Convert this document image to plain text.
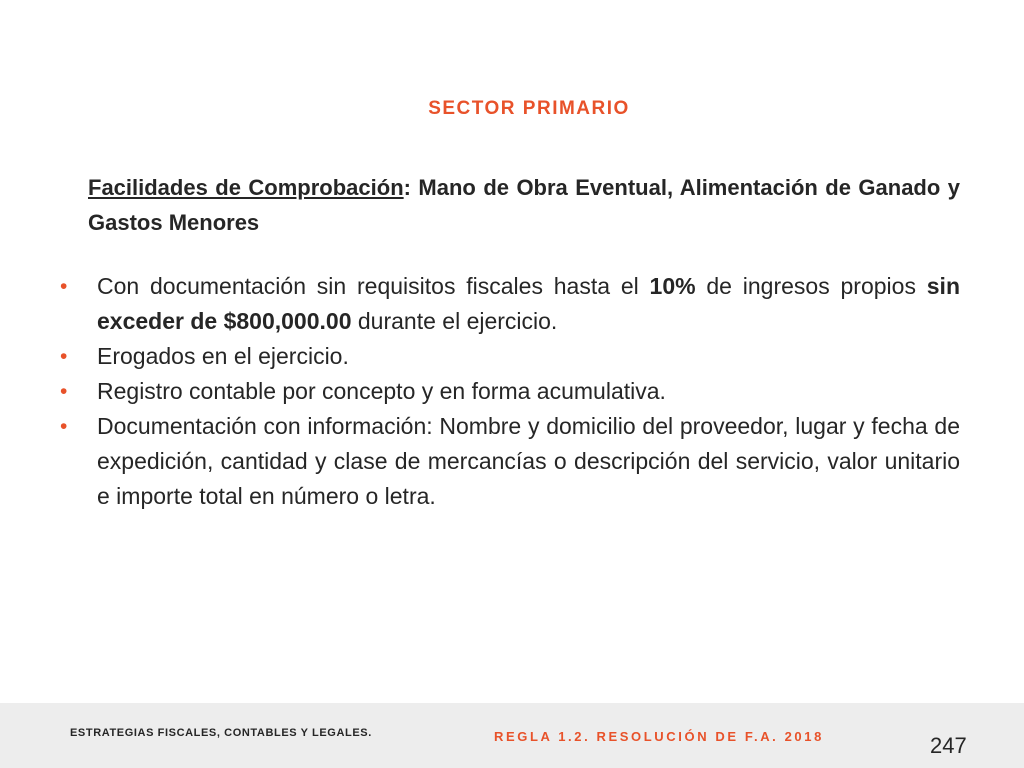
SECTOR PRIMARIO
Facilidades de Comprobación: Mano de Obra Eventual, Alimentación de Ganado y Gastos Menores
• Con documentación sin requisitos fiscales hasta el 10% de ingresos propios sin exceder de $800,000.00 durante el ejercicio.
• Erogados en el ejercicio.
• Registro contable por concepto y en forma acumulativa.
• Documentación con información: Nombre y domicilio del proveedor, lugar y fecha de expedición, cantidad y clase de mercancías o descripción del servicio, valor unitario e importe total en número o letra.
ESTRATEGIAS FISCALES, CONTABLES Y LEGALES.	REGLA 1.2. RESOLUCIÓN DE F.A. 2018	247
